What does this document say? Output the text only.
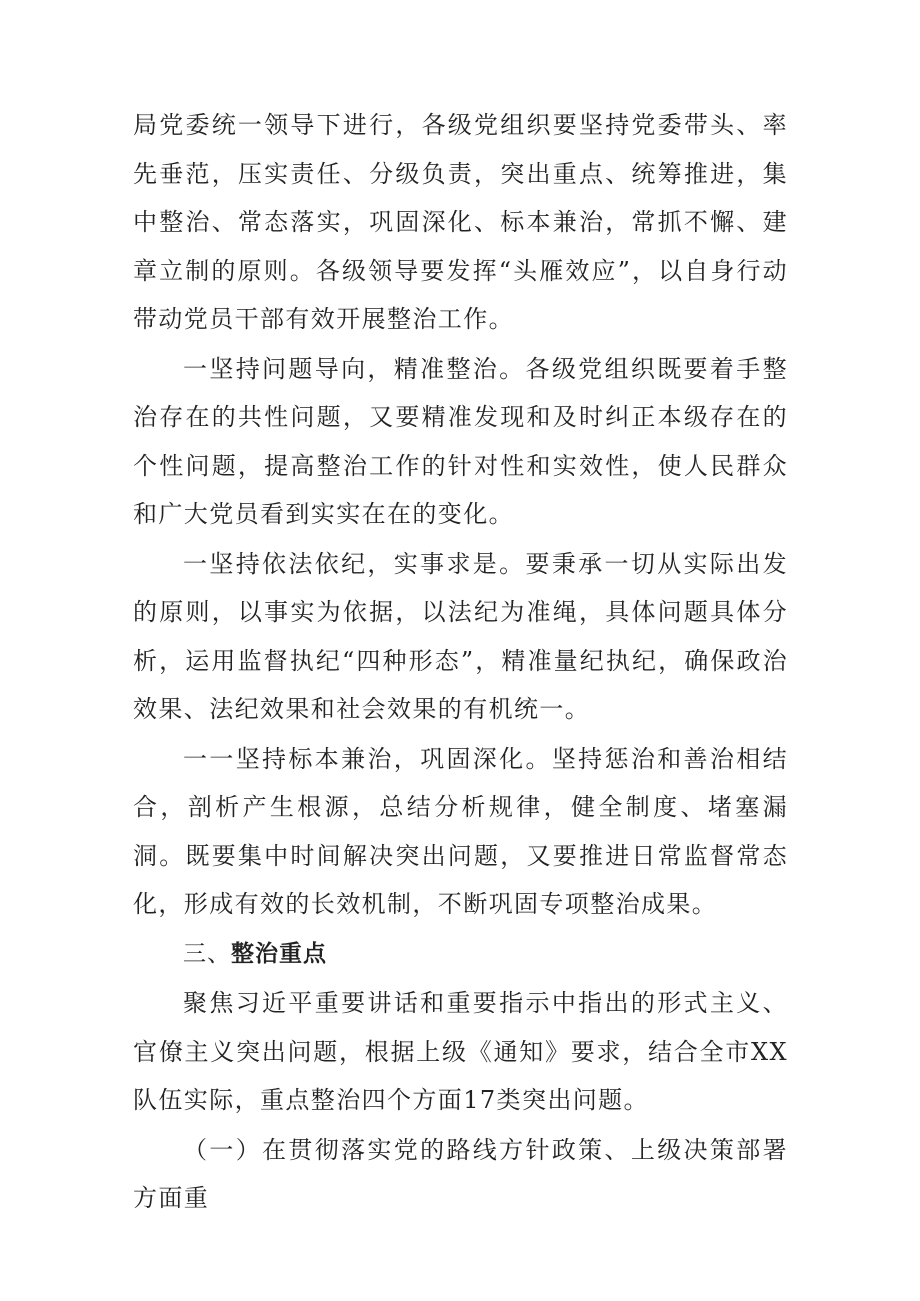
局党委统一领导下进行，各级党组织要坚持党委带头、率先垂范，压实责任、分级负责，突出重点、统筹推进，集中整治、常态落实，巩固深化、标本兼治，常抓不懈、建章立制的原则。各级领导要发挥“头雁效应”，以自身行动带动党员干部有效开展整治工作。

一坚持问题导向，精准整治。各级党组织既要着手整治存在的共性问题，又要精准发现和及时纠正本级存在的个性问题，提高整治工作的针对性和实效性，使人民群众和广大党员看到实实在在的变化。

一坚持依法依纪，实事求是。要秉承一切从实际出发的原则，以事实为依据，以法纪为准绳，具体问题具体分析，运用监督执纪“四种形态”，精准量纪执纪，确保政治效果、法纪效果和社会效果的有机统一。

一一坚持标本兼治，巩固深化。坚持惩治和善治相结合，剖析产生根源，总结分析规律，健全制度、堵塞漏洞。既要集中时间解决突出问题，又要推进日常监督常态化，形成有效的长效机制，不断巩固专项整治成果。

三、整治重点

聚焦习近平重要讲话和重要指示中指出的形式主义、官僚主义突出问题，根据上级《通知》要求，结合全市XX队伍实际，重点整治四个方面17类突出问题。

（一）在贯彻落实党的路线方针政策、上级决策部署方面重
